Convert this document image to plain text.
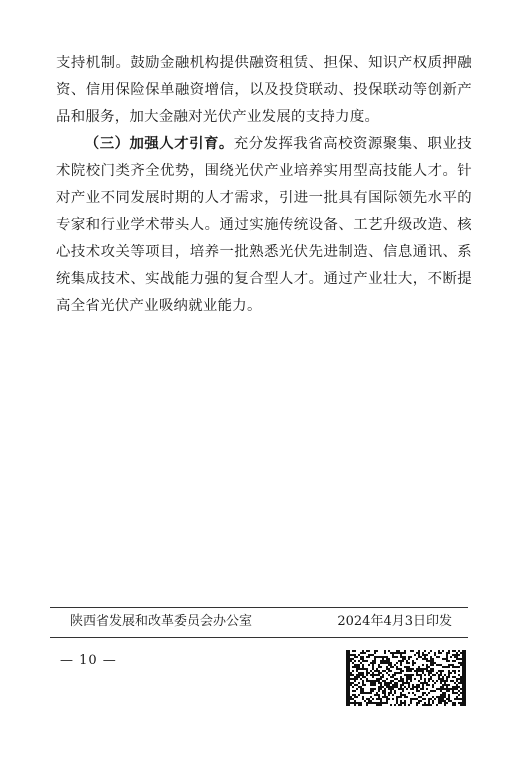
支持机制。鼓励金融机构提供融资租赁、担保、知识产权质押融资、信用保险保单融资增信，以及投贷联动、投保联动等创新产品和服务，加大金融对光伏产业发展的支持力度。

（三）加强人才引育。充分发挥我省高校资源聚集、职业技术院校门类齐全优势，围绕光伏产业培养实用型高技能人才。针对产业不同发展时期的人才需求，引进一批具有国际领先水平的专家和行业学术带头人。通过实施传统设备、工艺升级改造、核心技术攻关等项目，培养一批熟悉光伏先进制造、信息通讯、系统集成技术、实战能力强的复合型人才。通过产业壮大，不断提高全省光伏产业吸纳就业能力。

陕西省发展和改革委员会办公室	2024年4月3日印发
— 10 —
